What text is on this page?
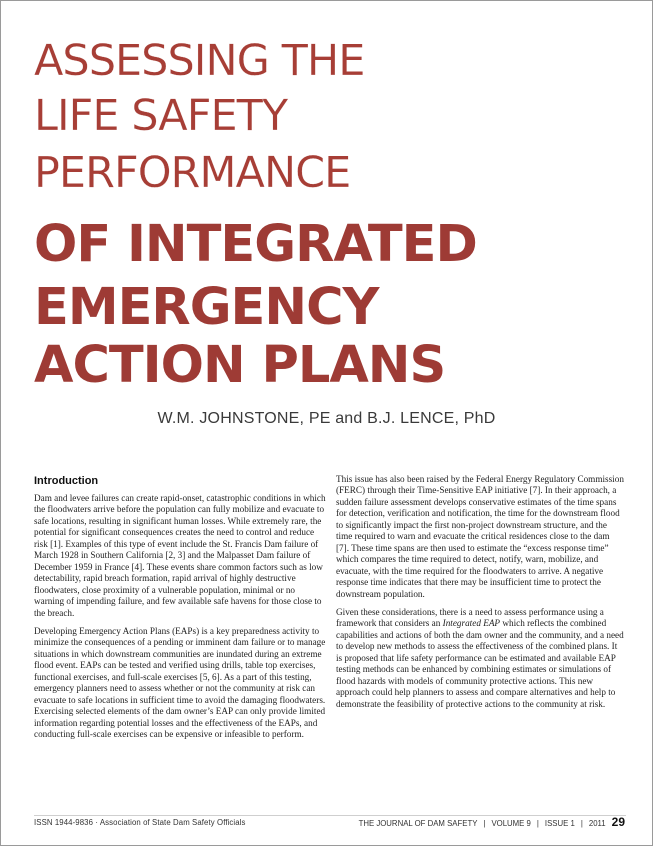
ASSESSING THE
LIFE SAFETY
PERFORMANCE
OF INTEGRATED
EMERGENCY
ACTION PLANS
W.M. JOHNSTONE, PE and B.J. LENCE, PhD
Introduction

Dam and levee failures can create rapid-onset, catastrophic conditions in which the floodwaters arrive before the population can fully mobilize and evacuate to safe locations, resulting in significant human losses. While extremely rare, the potential for significant consequences creates the need to control and reduce risk [1]. Examples of this type of event include the St. Francis Dam failure of March 1928 in Southern California [2, 3] and the Malpasset Dam failure of December 1959 in France [4]. These events share common factors such as low detectability, rapid breach formation, rapid arrival of highly destructive floodwaters, close proximity of a vulnerable population, minimal or no warning of impending failure, and few available safe havens for those close to the breach.

Developing Emergency Action Plans (EAPs) is a key preparedness activity to minimize the consequences of a pending or imminent dam failure or to manage situations in which downstream communities are inundated during an extreme flood event. EAPs can be tested and verified using drills, table top exercises, functional exercises, and full-scale exercises [5, 6]. As a part of this testing, emergency planners need to assess whether or not the community at risk can evacuate to safe locations in sufficient time to avoid the damaging floodwaters. Exercising selected elements of the dam owner’s EAP can only provide limited information regarding potential losses and the effectiveness of the EAPs, and conducting full-scale exercises can be expensive or infeasible to perform.

This issue has also been raised by the Federal Energy Regulatory Commission (FERC) through their Time-Sensitive EAP initiative [7]. In their approach, a sudden failure assessment develops conservative estimates of the time spans for detection, verification and notification, the time for the downstream flood to significantly impact the first non-project downstream structure, and the time required to warn and evacuate the critical residences close to the dam [7]. These time spans are then used to estimate the “excess response time” which compares the time required to detect, notify, warn, mobilize, and evacuate, with the time required for the floodwaters to arrive. A negative response time indicates that there may be insufficient time to protect the downstream population.

Given these considerations, there is a need to assess performance using a framework that considers an Integrated EAP which reflects the combined capabilities and actions of both the dam owner and the community, and a need to develop new methods to assess the effectiveness of the combined plans. It is proposed that life safety performance can be estimated and available EAP testing methods can be enhanced by combining estimates or simulations of flood hazards with models of community protective actions. This new approach could help planners to assess and compare alternatives and help to demonstrate the feasibility of protective actions to the community at risk.

ISSN 1944-9836 · Association of State Dam Safety Officials	THE JOURNAL OF DAM SAFETY | VOLUME 9 | ISSUE 1 | 2011 29
